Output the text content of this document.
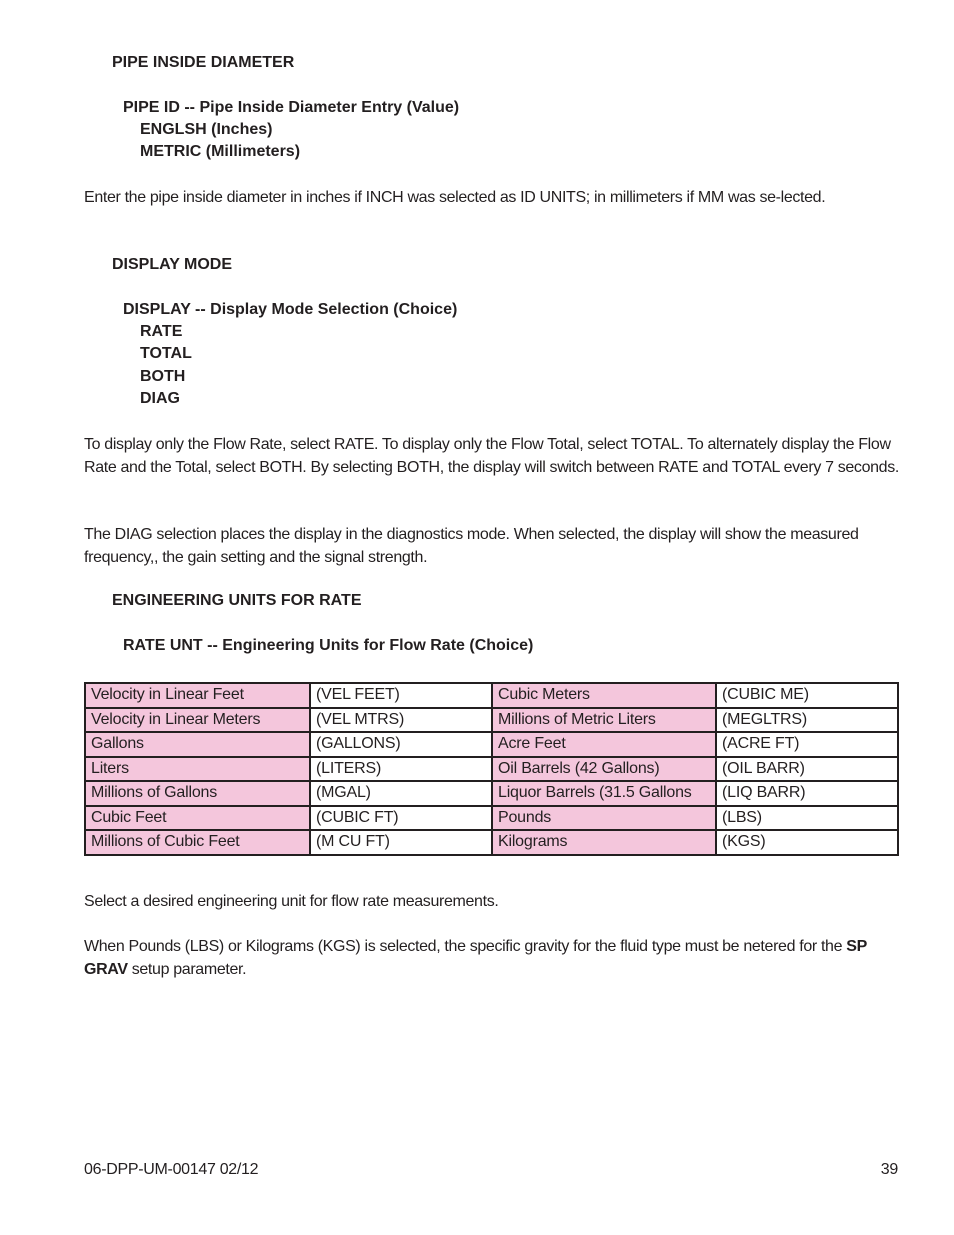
PIPE INSIDE DIAMETER
PIPE ID -- Pipe Inside Diameter Entry (Value)
ENGLSH (Inches)
METRIC (Millimeters)
Enter the pipe inside diameter in inches if INCH was selected as ID UNITS; in millimeters if MM was se-lected.
DISPLAY MODE
DISPLAY -- Display Mode Selection (Choice)
RATE
TOTAL
BOTH
DIAG
To display only the Flow Rate, select RATE. To display only the Flow Total, select TOTAL. To alternately display the Flow Rate and the Total, select BOTH. By selecting BOTH, the display will switch between RATE and TOTAL every 7 seconds.
The DIAG selection places the display in the diagnostics mode. When selected, the display will show the measured frequency,, the gain setting and the signal strength.
ENGINEERING UNITS FOR RATE
RATE UNT -- Engineering Units for Flow Rate (Choice)
Velocity in Linear Feet	(VEL FEET)	Cubic Meters	(CUBIC ME)
Velocity in Linear Meters	(VEL MTRS)	Millions of Metric Liters	(MEGLTRS)
Gallons	(GALLONS)	Acre Feet	(ACRE FT)
Liters	(LITERS)	Oil Barrels (42 Gallons)	(OIL BARR)
Millions of Gallons	(MGAL)	Liquor Barrels (31.5 Gallons	(LIQ BARR)
Cubic Feet	(CUBIC FT)	Pounds	(LBS)
Millions of Cubic Feet	(M CU FT)	Kilograms	(KGS)
Select a desired engineering unit for flow rate measurements.
When Pounds (LBS) or Kilograms (KGS) is selected, the specific gravity for the fluid type must be netered for the SP GRAV setup parameter.
06-DPP-UM-00147 02/12	39
